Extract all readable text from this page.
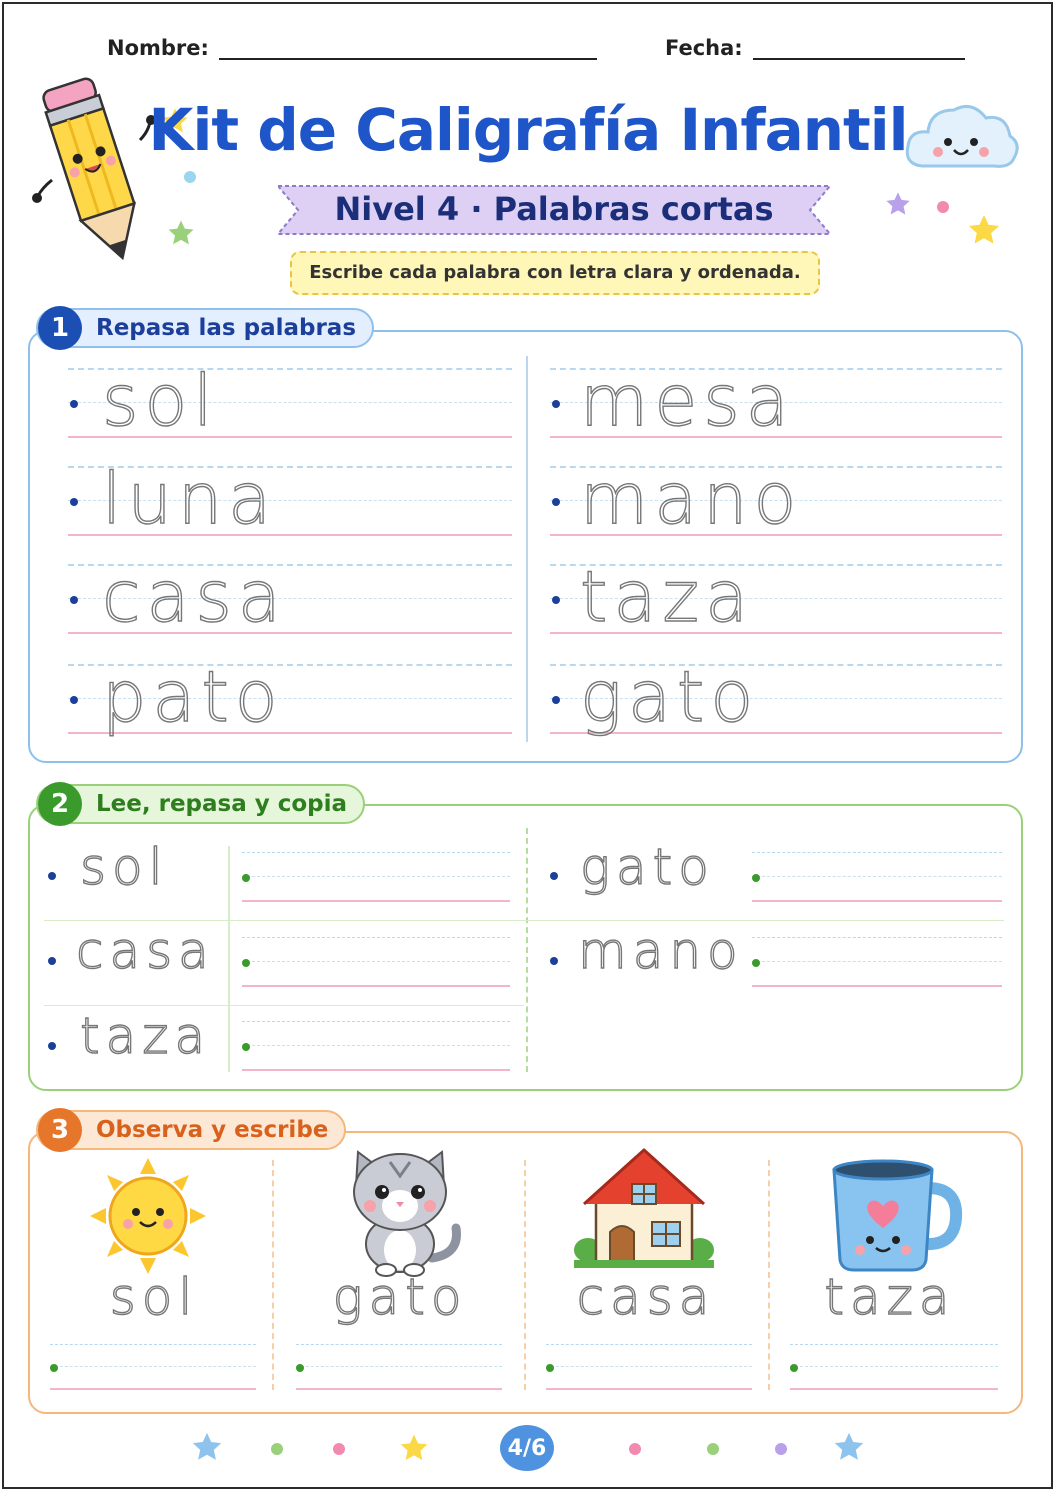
Nombre:	Fecha:
Kit de Caligrafía Infantil
Nivel 4 · Palabras cortas
Escribe cada palabra con letra clara y ordenada.
1	Repasa las palabras
sol
luna
casa
pato
mesa
mano
taza
gato
2	Lee, repasa y copia
sol
casa
taza
gato
mano
3	Observa y escribe
sol	gato	casa	taza
4/6
